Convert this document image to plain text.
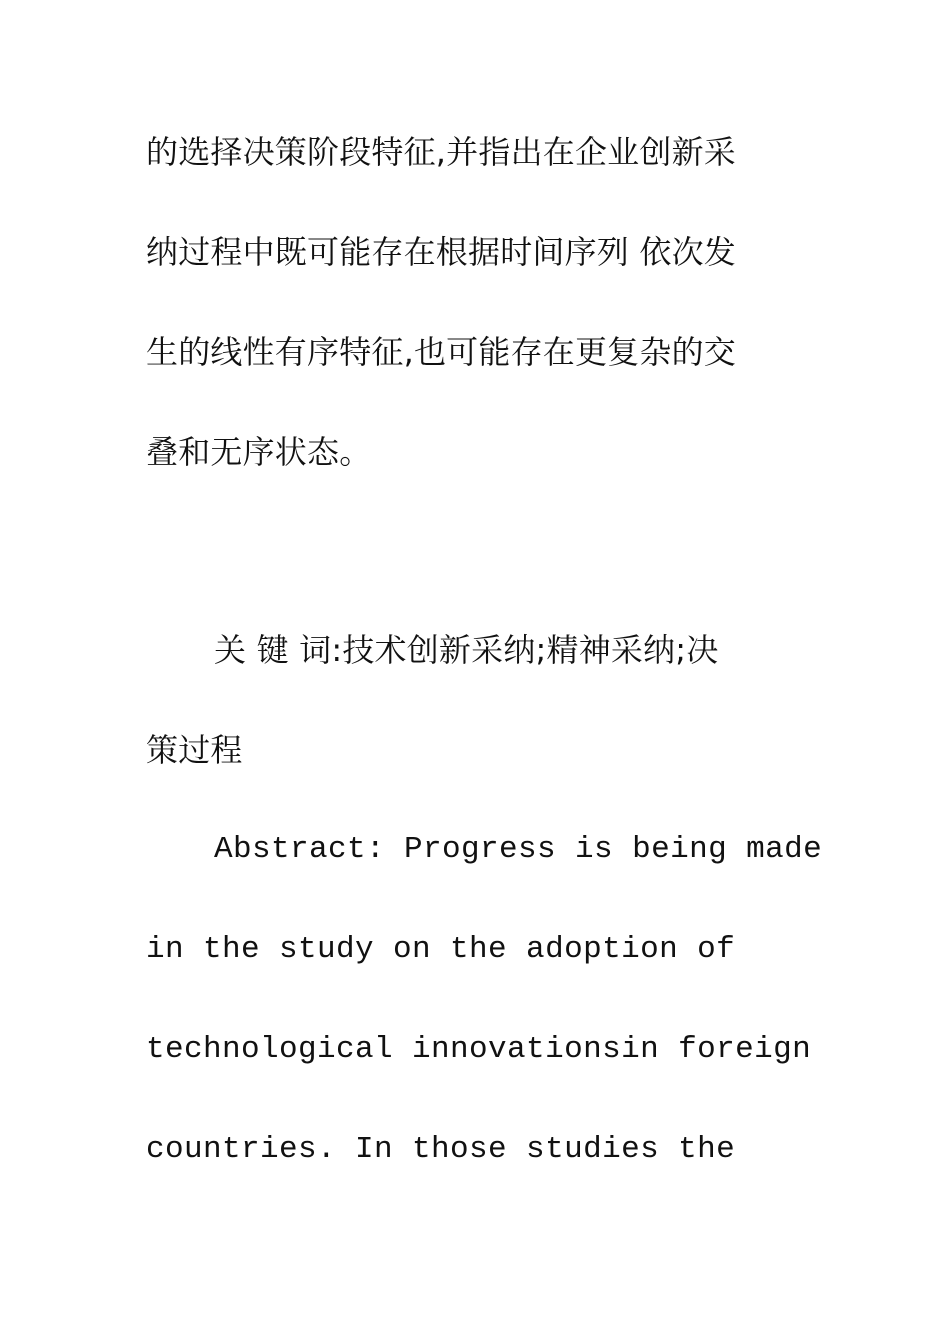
的选择决策阶段特征,并指出在企业创新采
纳过程中既可能存在根据时间序列 依次发
生的线性有序特征,也可能存在更复杂的交
叠和无序状态。
关 键 词:技术创新采纳;精神采纳;决
策过程
Abstract: Progress is being made
in the study on the adoption of
technological innovationsin foreign
countries. In those studies the
